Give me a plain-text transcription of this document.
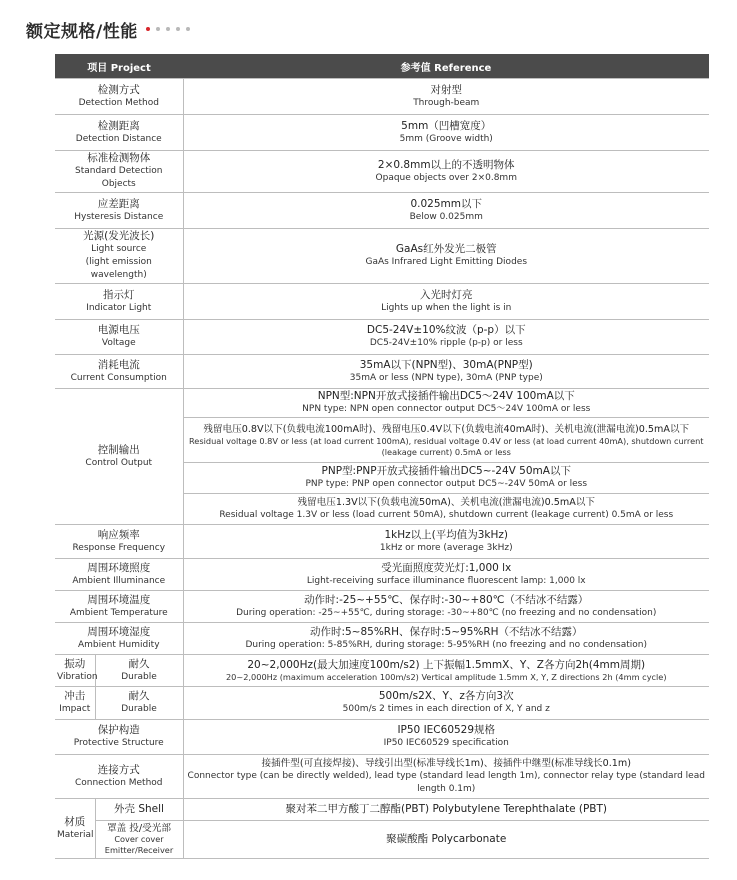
额定规格/性能
项目 Project		参考值 Reference

检测方式
Detection Method		对射型
Through-beam

检测距离
Detection Distance		5mm（凹槽宽度）
5mm (Groove width)

标准检测物体
Standard Detection Objects		2×0.8mm以上的不透明物体
Opaque objects over 2×0.8mm

应差距离
Hysteresis Distance		0.025mm以下
Below 0.025mm

光源(发光波长)
Light source
(light emission wavelength)		GaAs红外发光二极管
GaAs Infrared Light Emitting Diodes

指示灯
Indicator Light		入光时灯亮
Lights up when the light is in

电源电压
Voltage		DC5-24V±10%纹波（p-p）以下
DC5-24V±10% ripple (p-p) or less

消耗电流
Current Consumption		35mA以下(NPN型)、30mA(PNP型)
35mA or less (NPN type), 30mA (PNP type)

控制输出
Control Output		NPN型:NPN开放式接插件输出DC5～24V 100mA以下
NPN type: NPN open connector output DC5～24V 100mA or less

		残留电压0.8V以下(负载电流100mA时)、残留电压0.4V以下(负载电流40mA时)、关机电流(泄漏电流)0.5mA以下
Residual voltage 0.8V or less (at load current 100mA), residual voltage 0.4V or less (at load current 40mA), shutdown current (leakage current) 0.5mA or less

		PNP型:PNP开放式接插件输出DC5~-24V 50mA以下
PNP type: PNP open connector output DC5~-24V 50mA or less

		残留电压1.3V以下(负载电流50mA)、关机电流(泄漏电流)0.5mA以下
Residual voltage 1.3V or less (load current 50mA), shutdown current (leakage current) 0.5mA or less

响应频率
Response Frequency		1kHz以上(平均值为3kHz)
1kHz or more (average 3kHz)

周围环境照度
Ambient Illuminance		受光面照度荧光灯:1,000 lx
Light-receiving surface illuminance fluorescent lamp: 1,000 lx

周围环境温度
Ambient Temperature		动作时:-25~+55℃、保存时:-30~+80℃（不结冰不结露）
During operation: -25~+55℃, during storage: -30~+80℃ (no freezing and no condensation)

周围环境湿度
Ambient Humidity		动作时:5~85%RH、保存时:5~95%RH（不结冰不结露）
During operation: 5-85%RH, during storage: 5-95%RH (no freezing and no condensation)

振动
Vibration	耐久
Durable	20~2,000Hz(最大加速度100m/s2) 上下振幅1.5mmX、Y、Z各方向2h(4mm周期)
20~2,000Hz (maximum acceleration 100m/s2) Vertical amplitude 1.5mm X, Y, Z directions 2h (4mm cycle)

冲击
Impact	耐久
Durable	500m/s2X、Y、z各方向3次
500m/s 2 times in each direction of X, Y and z

保护构造
Protective Structure		IP50 IEC60529规格
IP50 IEC60529 specification

连接方式
Connection Method		接插件型(可直接焊接)、导线引出型(标准导线长1m)、接插件中继型(标准导线长0.1m)
Connector type (can be directly welded), lead type (standard lead length 1m), connector relay type (standard lead length 0.1m)

材质
Material	外壳 Shell	聚对苯二甲方酸丁二醇酯(PBT) Polybutylene Terephthalate (PBT)

	罩盖 投/受光部
Cover cover
Emitter/Receiver	聚碳酸酯 Polycarbonate
